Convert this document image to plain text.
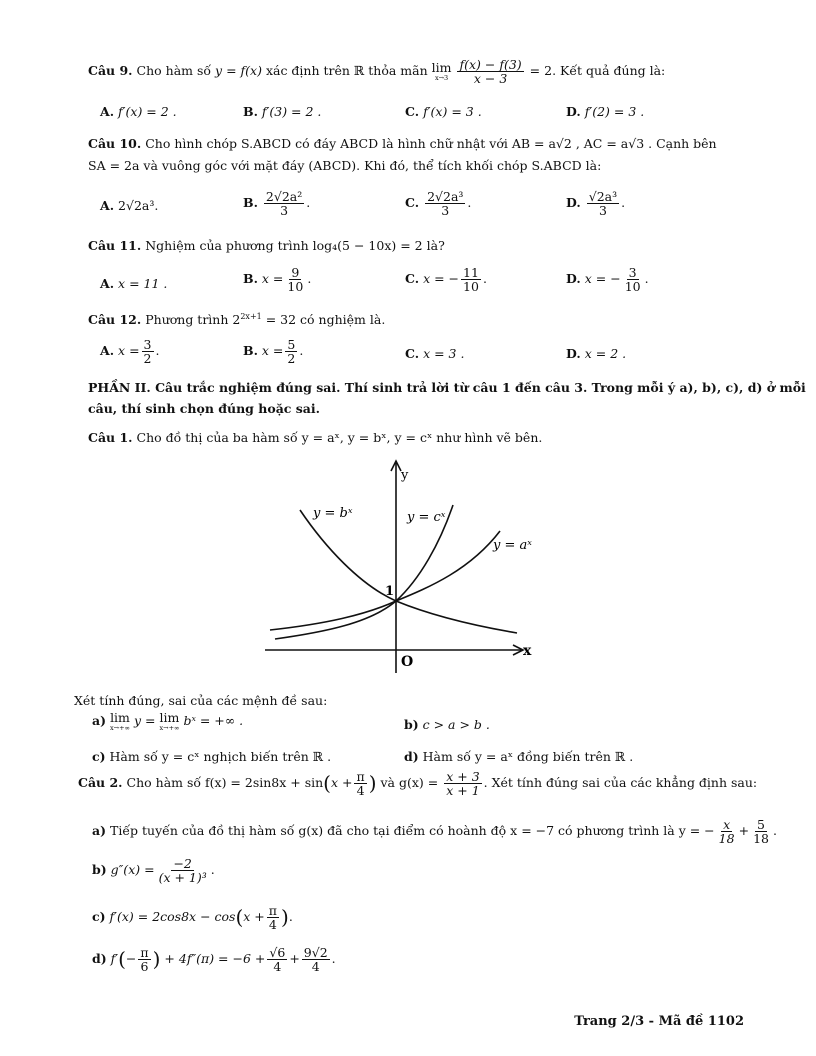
Câu 9. Cho hàm số y = f(x) xác định trên ℝ thỏa mãn lim
x→3
$\frac{f(x) - f(3)}{x - 3} = 2$. Kết quả đúng là:
A. f′(x) = 2 .	B. f′(3) = 2 .	C. f′(x) = 3 .	D. f′(2) = 3 .
Câu 10. Cho hình chóp S.ABCD có đáy ABCD là hình chữ nhật với AB = a√2 , AC = a√3 . Cạnh bên
SA = 2a và vuông góc với mặt đáy (ABCD). Khi đó, thể tích khối chóp S.ABCD là:
A. 2√2a³.	B. $\frac{\text{2√2a²}}{3}$ .	C. $\frac{\text{2√2a³}}{3}$ .	D. $\frac{\text{√2a³}}{3}$ .
Câu 11. Nghiệm của phương trình log₄(5 − 10x) = 2 là?
A. x = 11 .	B. $x = \frac{9}{10}$ .	C. x = − $\frac{11}{10}$ .	D. x = − $\frac{3}{10}$ .
Câu 12. Phương trình $2^{2x+1} = 32$ có nghiệm là.
A. $x = \frac{3}{2}$ .	B. $x = \frac{5}{2}$ .	C. x = 3 .	D. x = 2 .
PHẦN II. Câu trắc nghiệm đúng sai. Thí sinh trả lời từ câu 1 đến câu 3. Trong mỗi ý a), b), c), d) ở mỗi
câu, thí sinh chọn đúng hoặc sai.
Câu 1. Cho đồ thị của ba hàm số y = aˣ, y = bˣ, y = cˣ như hình vẽ bên.
y
x
O
1
y = bˣ	y = cˣ
y = aˣ
Xét tính đúng, sai của các mệnh đề sau:
a) lim
x→+∞ y = lim
x→+∞ bˣ = +∞ .	b) c > a > b .
c) Hàm số y = cˣ nghịch biến trên ℝ .	d) Hàm số y = aˣ đồng biến trên ℝ .
Câu 2. Cho hàm số $f(x) = 2\sin 8x + \sin(x + \frac{\pi}{4}$ ) và $g(x) = \frac{x + 3}{x + 1}$ . Xét tính đúng sai của các khẳng định sau:
a) Tiếp tuyến của đồ thị hàm số g(x) đã cho tại điểm có hoành độ x = −7 có phương trình là y = − $\frac{x}{18} + \frac{5}{18}$ .
b) $g''(x) = \frac{-2}{\text{(x + 1)³}}$ .
c) $f'(x) = 2\cos 8x - \cos(x + \frac{\pi}{4}$ ).
d) $f'(- \frac{\pi}{6}$ ) + $4f''(\pi) = -6 + \frac{√6}{4} + \frac{9√2}{4}$ .
Trang 2/3 - Mã đề 1102
